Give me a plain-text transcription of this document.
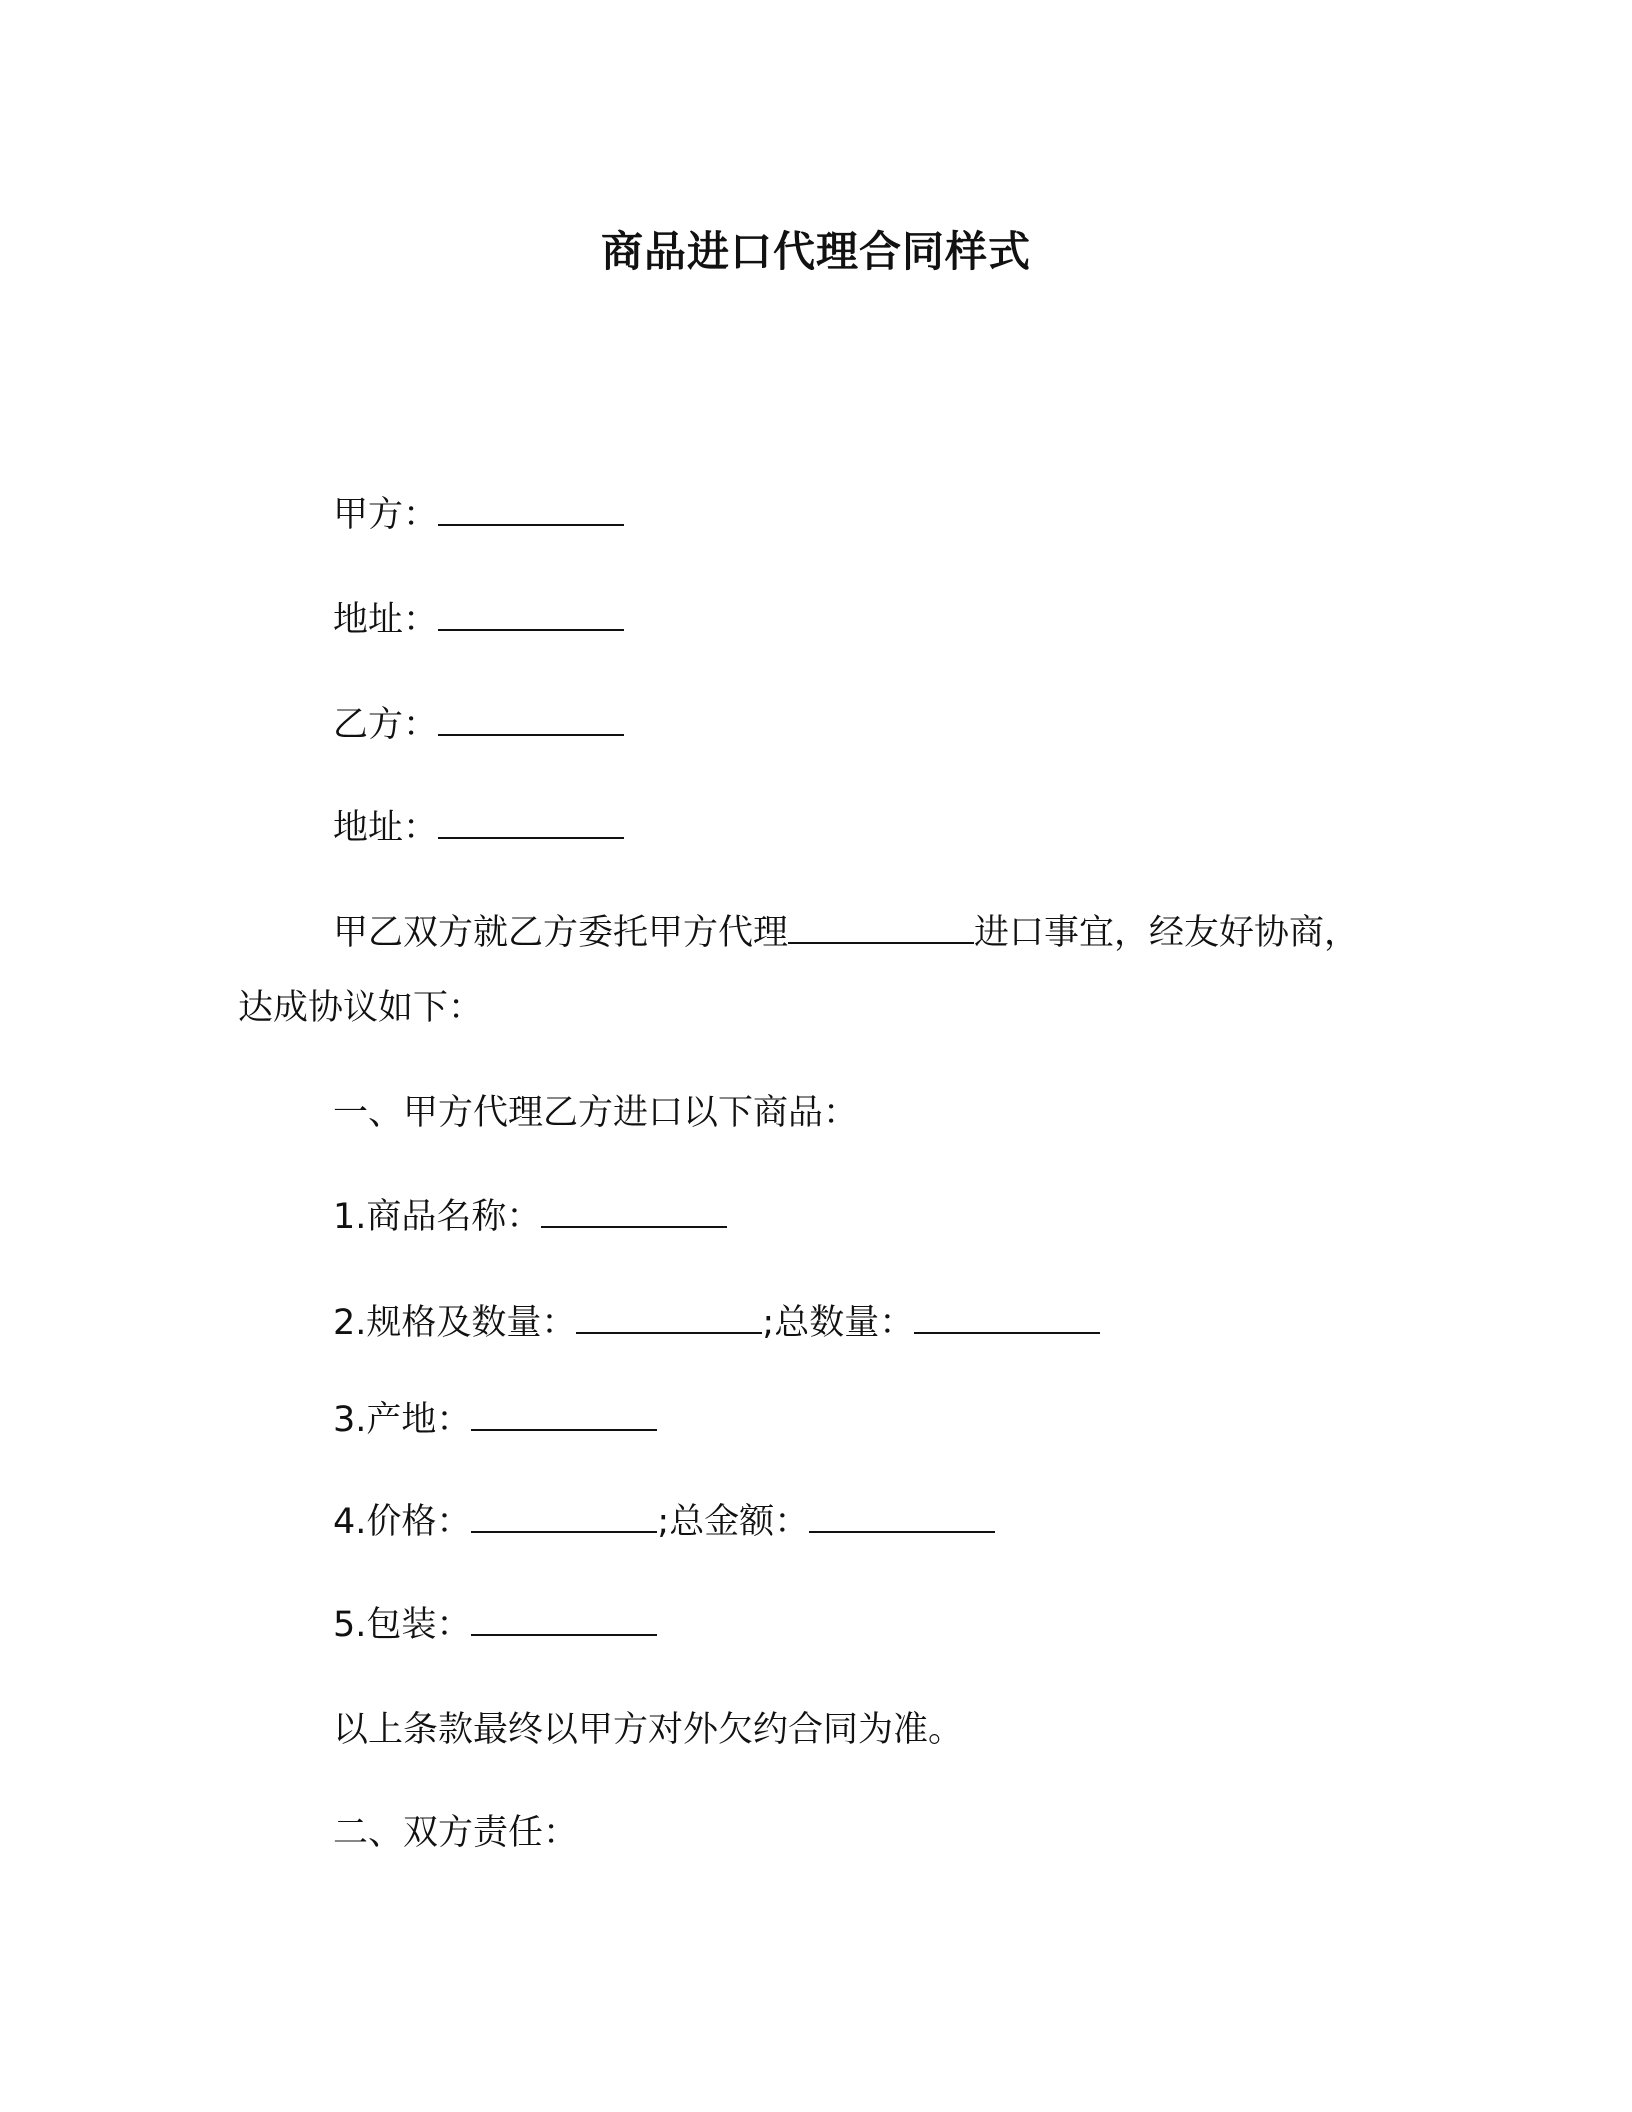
商品进口代理合同样式
甲方：
地址：
乙方：
地址：
甲乙双方就乙方委托甲方代理	进口事宜，经友好协商，
达成协议如下：
一、甲方代理乙方进口以下商品：
1.商品名称：
2.规格及数量：	;总数量：
3.产地：
4.价格：	;总金额：
5.包装：
以上条款最终以甲方对外欠约合同为准。
二、双方责任：
